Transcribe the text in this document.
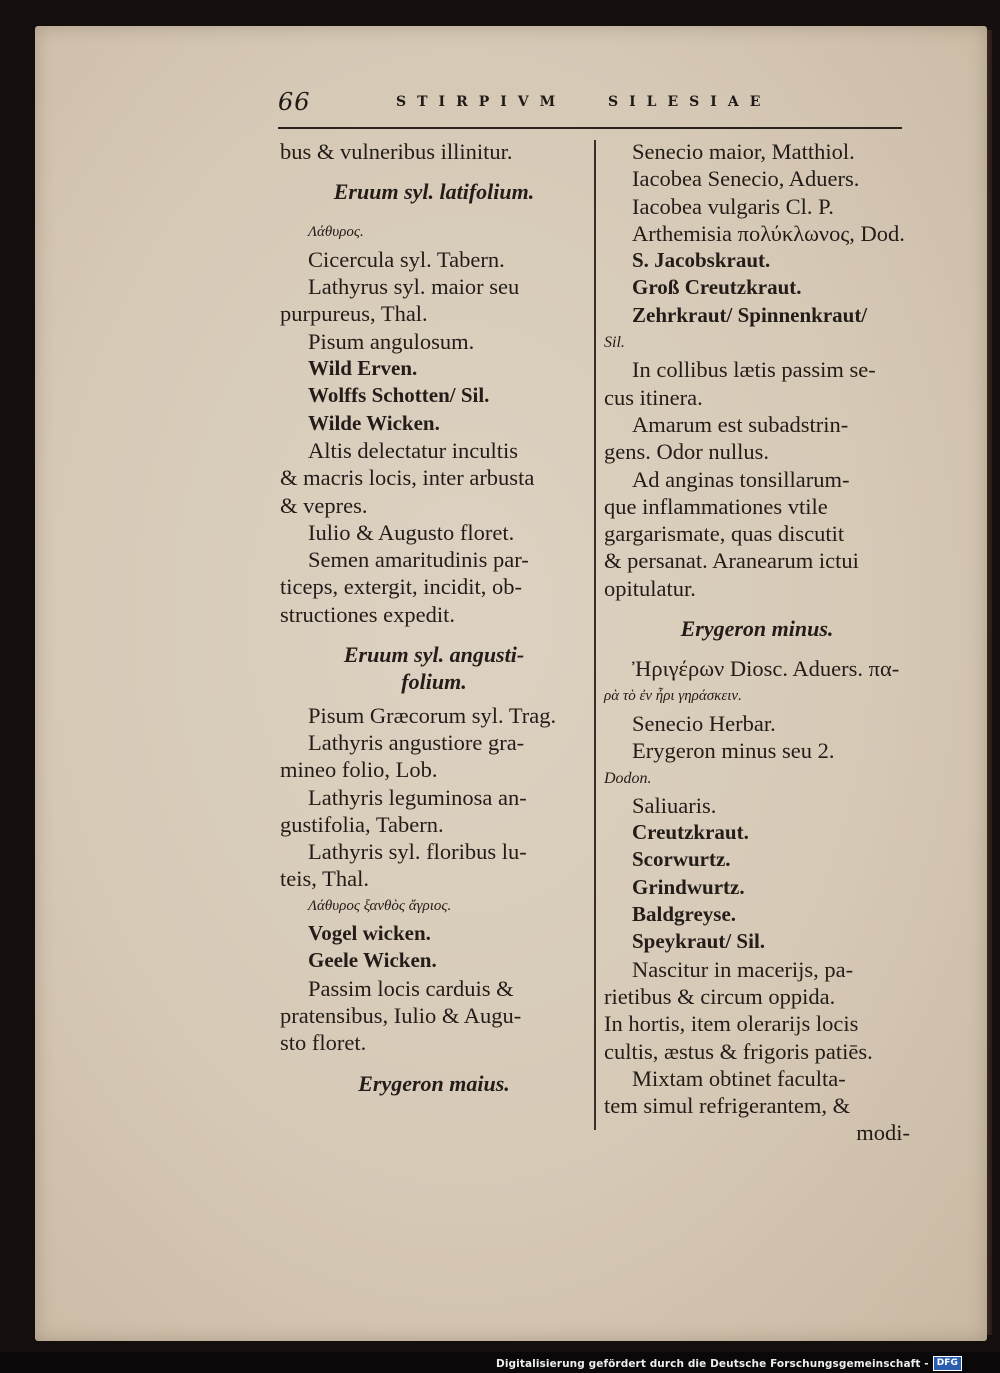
66	STIRPIVM	SILESIAE
bus & vulneribus illinitur.
Eruum syl. latifolium.
Λάθυρος.
Cicercula syl. Tabern.
Lathyrus syl. maior seu
purpureus, Thal.
Pisum angulosum.
Wild Erven.
Wolffs Schotten/ Sil.
Wilde Wicken.
Altis delectatur incultis
& macris locis, inter arbusta
& vepres.
Iulio & Augusto floret.
Semen amaritudinis par-
ticeps, extergit, incidit, ob-
structiones expedit.
Eruum syl. angusti-
folium.
Pisum Græcorum syl. Trag.
Lathyris angustiore gra-
mineo folio, Lob.
Lathyris leguminosa an-
gustifolia, Tabern.
Lathyris syl. floribus lu-
teis, Thal.
Λάθυρος ξανθὸς ἄγριος.
Vogel wicken.
Geele Wicken.
Passim locis carduis &
pratensibus, Iulio & Augu-
sto floret.
Erygeron maius.
Senecio maior, Matthiol.
Iacobea Senecio, Aduers.
Iacobea vulgaris Cl. P.
Arthemisia πολύκλωνος, Dod.
S. Jacobskraut.
Groß Creutzkraut.
Zehrkraut/ Spinnenkraut/
Sil.
In collibus lætis passim se-
cus itinera.
Amarum est subadstrin-
gens. Odor nullus.
Ad anginas tonsillarum-
que inflammationes vtile
gargarismate, quas discutit
& persanat. Aranearum ictui
opitulatur.
Erygeron minus.
Ἠριγέρων Diosc. Aduers. πα-
ρὰ τὸ ἐν ἦρι γηράσκειν.
Senecio Herbar.
Erygeron minus seu 2.
Dodon.
Saliuaris.
Creutzkraut.
Scorwurtz.
Grindwurtz.
Baldgreyse.
Speykraut/ Sil.
Nascitur in macerijs, pa-
rietibus & circum oppida.
In hortis, item olerarijs locis
cultis, æstus & frigoris patiēs.
Mixtam obtinet faculta-
tem simul refrigerantem, &
modi-
Digitalisierung gefördert durch die Deutsche Forschungsgemeinschaft - DFG
